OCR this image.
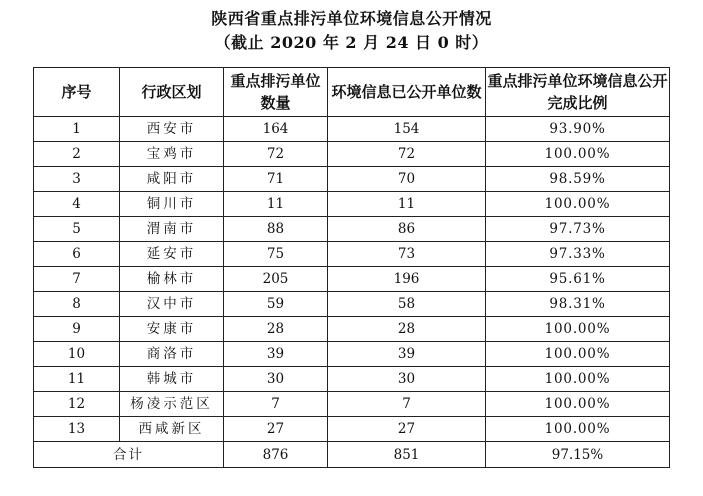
陕西省重点排污单位环境信息公开情况
（截止 2020 年 2 月 24 日 0 时）
序号	行政区划	重点排污单位数量	环境信息已公开单位数	重点排污单位环境信息公开完成比例
1	西安市	164	154	93.90%
2	宝鸡市	72	72	100.00%
3	咸阳市	71	70	98.59%
4	铜川市	11	11	100.00%
5	渭南市	88	86	97.73%
6	延安市	75	73	97.33%
7	榆林市	205	196	95.61%
8	汉中市	59	58	98.31%
9	安康市	28	28	100.00%
10	商洛市	39	39	100.00%
11	韩城市	30	30	100.00%
12	杨凌示范区	7	7	100.00%
13	西咸新区	27	27	100.00%
合计		876	851	97.15%
